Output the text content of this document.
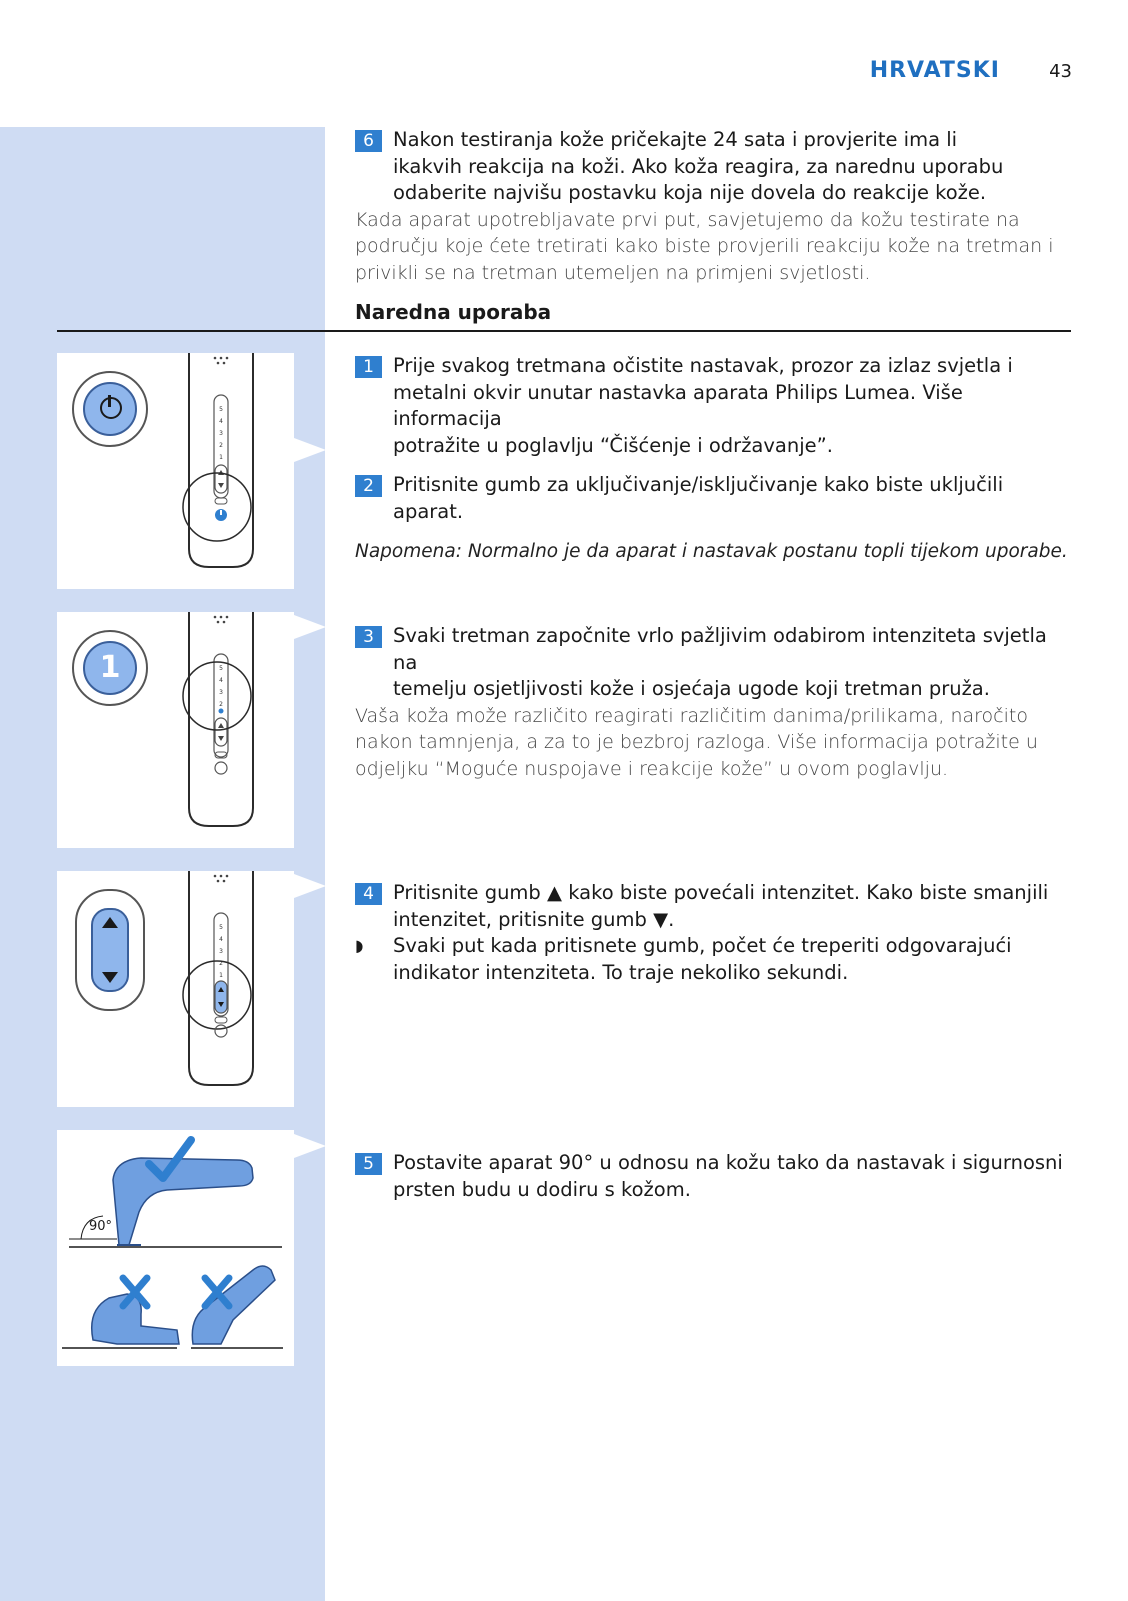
HRVATSKI	43
6 Nakon testiranja kože pričekajte 24 sata i provjerite ima li
ikakvih reakcija na koži. Ako koža reagira, za narednu uporabu
odaberite najvišu postavku koja nije dovela do reakcije kože.
Kada aparat upotrebljavate prvi put, savjetujemo da kožu testirate na
području koje ćete tretirati kako biste provjerili reakciju kože na tretman i
privikli se na tretman utemeljen na primjeni svjetlosti.
Naredna uporaba
1 Prije svakog tretmana očistite nastavak, prozor za izlaz svjetla i
metalni okvir unutar nastavka aparata Philips Lumea. Više informacija
potražite u poglavlju “Čišćenje i održavanje”.
2 Pritisnite gumb za uključivanje/isključivanje kako biste uključili aparat.
Napomena: Normalno je da aparat i nastavak postanu topli tijekom uporabe.
3 Svaki tretman započnite vrlo pažljivim odabirom intenziteta svjetla na
temelju osjetljivosti kože i osjećaja ugode koji tretman pruža.
Vaša koža može različito reagirati različitim danima/prilikama, naročito
nakon tamnjenja, a za to je bezbroj razloga. Više informacija potražite u
odjeljku “Moguće nuspojave i reakcije kože” u ovom poglavlju.
4 Pritisnite gumb ▲ kako biste povećali intenzitet. Kako biste smanjili
intenzitet, pritisnite gumb ▼.
◗ Svaki put kada pritisnete gumb, počet će treperiti odgovarajući
indikator intenziteta. To traje nekoliko sekundi.
5 Postavite aparat 90° u odnosu na kožu tako da nastavak i sigurnosni
prsten budu u dodiru s kožom.
5
4
3
2
1
5
4
3
2
1
5
4
3
2
1
90°
